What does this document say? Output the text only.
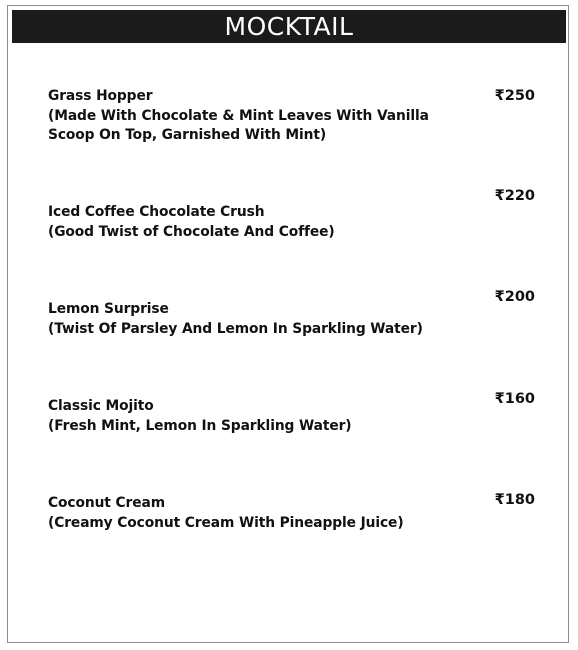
MOCKTAIL
Grass Hopper
(Made With Chocolate & Mint Leaves With Vanilla Scoop On Top, Garnished With Mint)
₹250
Iced Coffee Chocolate Crush
(Good Twist of Chocolate And Coffee)
₹220
Lemon Surprise
(Twist Of Parsley And Lemon In Sparkling Water)
₹200
Classic Mojito
(Fresh Mint, Lemon In Sparkling Water)
₹160
Coconut Cream
(Creamy Coconut Cream With Pineapple Juice)
₹180
